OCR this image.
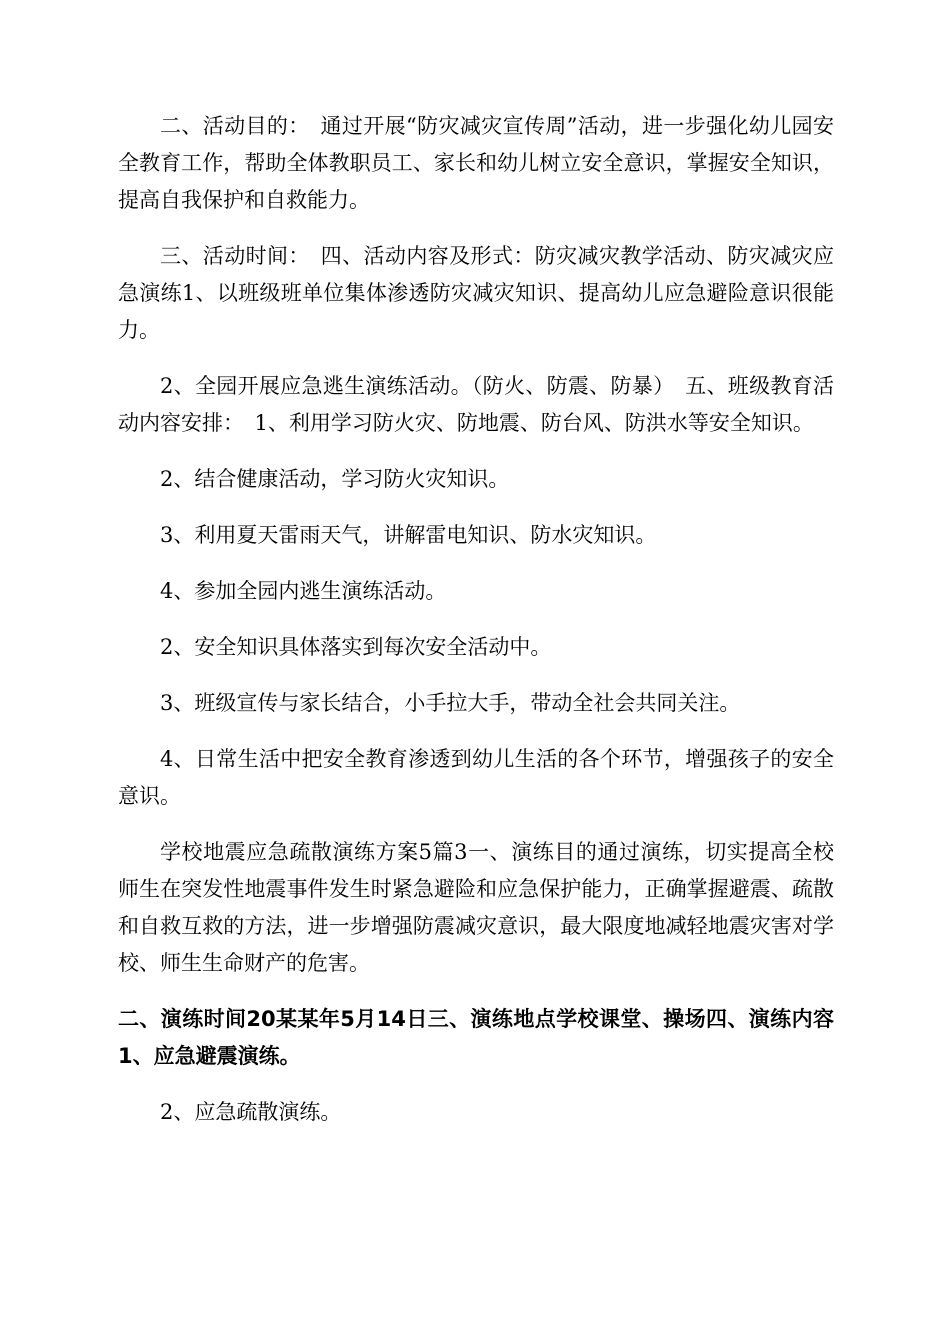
二、活动目的：　通过开展“防灾减灾宣传周”活动，进一步强化幼儿园安全教育工作，帮助全体教职员工、家长和幼儿树立安全意识，掌握安全知识，提高自我保护和自救能力。

三、活动时间：　四、活动内容及形式：防灾减灾教学活动、防灾减灾应急演练1、以班级班单位集体渗透防灾减灾知识、提高幼儿应急避险意识很能力。

2、全园开展应急逃生演练活动。（防火、防震、防暴）　五、班级教育活动内容安排：　1、利用学习防火灾、防地震、防台风、防洪水等安全知识。

2、结合健康活动，学习防火灾知识。

3、利用夏天雷雨天气，讲解雷电知识、防水灾知识。

4、参加全园内逃生演练活动。

2、安全知识具体落实到每次安全活动中。

3、班级宣传与家长结合，小手拉大手，带动全社会共同关注。

4、日常生活中把安全教育渗透到幼儿生活的各个环节，增强孩子的安全意识。

学校地震应急疏散演练方案5篇3一、演练目的通过演练，切实提高全校师生在突发性地震事件发生时紧急避险和应急保护能力，正确掌握避震、疏散和自救互救的方法，进一步增强防震减灾意识，最大限度地减轻地震灾害对学校、师生生命财产的危害。

二、演练时间20某某年5月14日三、演练地点学校课堂、操场四、演练内容1、应急避震演练。

2、应急疏散演练。
